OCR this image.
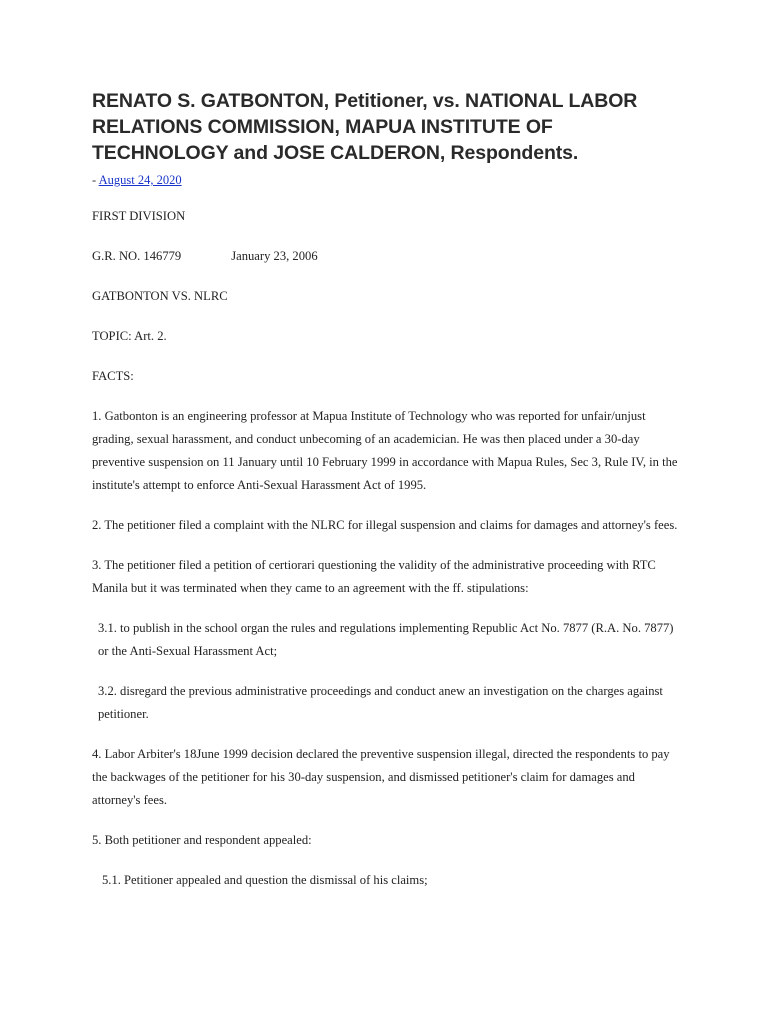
RENATO S. GATBONTON, Petitioner, vs. NATIONAL LABOR RELATIONS COMMISSION, MAPUA INSTITUTE OF TECHNOLOGY and JOSE CALDERON, Respondents.
- August 24, 2020

FIRST DIVISION

G.R. NO. 146779	January 23, 2006

GATBONTON VS. NLRC

TOPIC: Art. 2.

FACTS:

1. Gatbonton is an engineering professor at Mapua Institute of Technology who was reported for unfair/unjust grading, sexual harassment, and conduct unbecoming of an academician. He was then placed under a 30-day preventive suspension on 11 January until 10 February 1999 in accordance with Mapua Rules, Sec 3, Rule IV, in the institute's attempt to enforce Anti-Sexual Harassment Act of 1995.

2. The petitioner filed a complaint with the NLRC for illegal suspension and claims for damages and attorney's fees.

3. The petitioner filed a petition of certiorari questioning the validity of the administrative proceeding with RTC Manila but it was terminated when they came to an agreement with the ff. stipulations:

3.1. to publish in the school organ the rules and regulations implementing Republic Act No. 7877 (R.A. No. 7877) or the Anti-Sexual Harassment Act;

3.2. disregard the previous administrative proceedings and conduct anew an investigation on the charges against petitioner.

4. Labor Arbiter's 18June 1999 decision declared the preventive suspension illegal, directed the respondents to pay the backwages of the petitioner for his 30-day suspension, and dismissed petitioner's claim for damages and attorney's fees.

5. Both petitioner and respondent appealed:

5.1. Petitioner appealed and question the dismissal of his claims;
